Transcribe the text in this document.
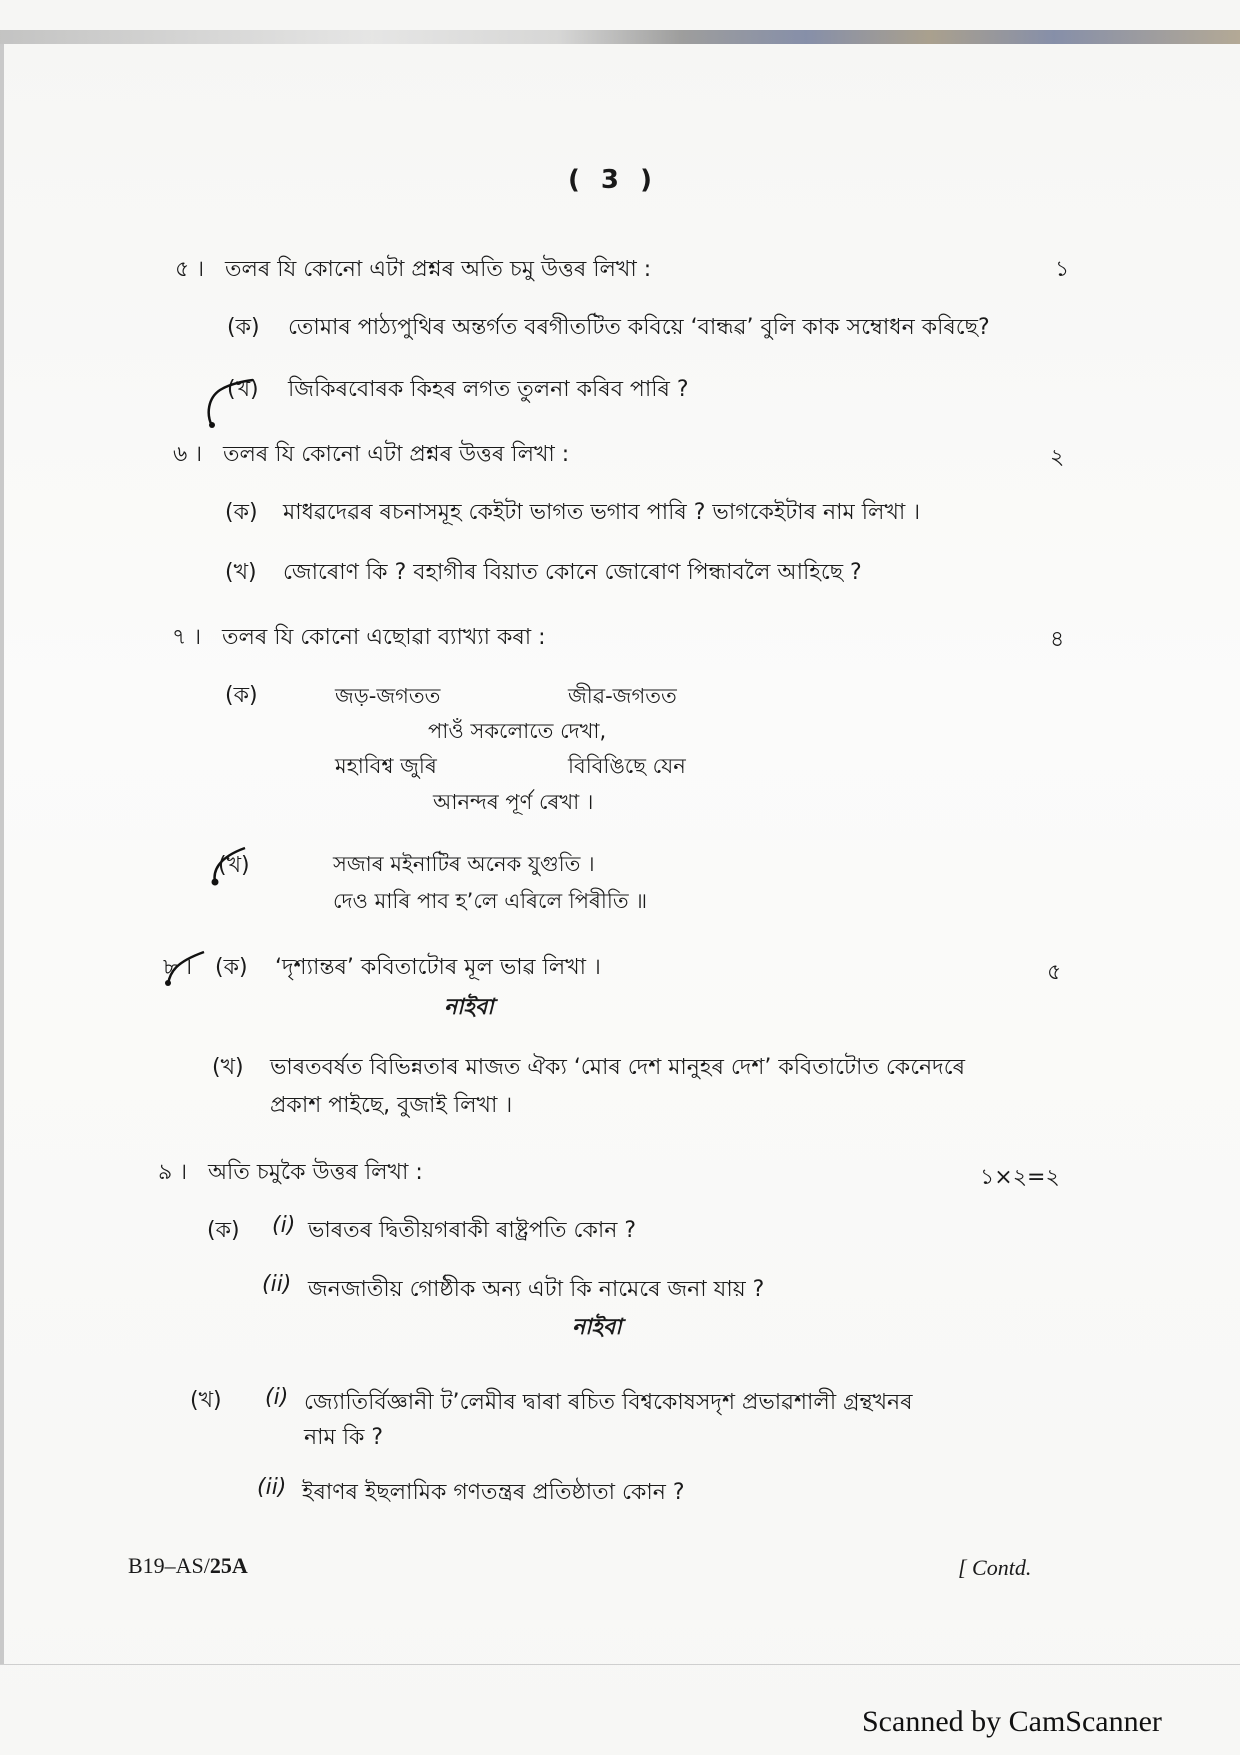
( 3 )
৫ । তলৰ যি কোনো এটা প্ৰশ্নৰ অতি চমু উত্তৰ লিখা :	১
(ক) তোমাৰ পাঠ্যপুথিৰ অন্তৰ্গত বৰগীতটিত কবিয়ে ‘বান্ধৱ’ বুলি কাক সম্বোধন কৰিছে?
(খ) জিকিৰবোৰক কিহৰ লগত তুলনা কৰিব পাৰি ?
৬ । তলৰ যি কোনো এটা প্ৰশ্নৰ উত্তৰ লিখা :	২
(ক) মাধৱদেৱৰ ৰচনাসমূহ কেইটা ভাগত ভগাব পাৰি ? ভাগকেইটাৰ নাম লিখা ।
(খ) জোৰোণ কি ? বহাগীৰ বিয়াত কোনে জোৰোণ পিন্ধাবলৈ আহিছে ?
৭ । তলৰ যি কোনো এছোৱা ব্যাখ্যা কৰা :	৪
(ক)	জড়-জগতত	জীৱ-জগতত
পাওঁ সকলোতে দেখা,
মহাবিশ্ব জুৰি	বিবিঙিছে যেন
আনন্দৰ পূৰ্ণ ৰেখা ।
(খ)	সজাৰ মইনাটিৰ অনেক যুগুতি ।
দেও মাৰি পাব হ’লে এৰিলে পিৰীতি ॥
৮ । (ক) ‘দৃশ্যান্তৰ’ কবিতাটোৰ মূল ভাৱ লিখা ।	৫
নাইবা
(খ) ভাৰতবৰ্ষত বিভিন্নতাৰ মাজত ঐক্য ‘মোৰ দেশ মানুহৰ দেশ’ কবিতাটোত কেনেদৰে
প্ৰকাশ পাইছে, বুজাই লিখা ।
৯ । অতি চমুকৈ উত্তৰ লিখা :	১×২=২
(ক) (i) ভাৰতৰ দ্বিতীয়গৰাকী ৰাষ্ট্ৰপতি কোন ?
(ii) জনজাতীয় গোষ্ঠীক অন্য এটা কি নামেৰে জনা যায় ?
নাইবা
(খ) (i) জ্যোতিৰ্বিজ্ঞানী ট’লেমীৰ দ্বাৰা ৰচিত বিশ্বকোষসদৃশ প্ৰভাৱশালী গ্ৰন্থখনৰ
নাম কি ?
(ii) ইৰাণৰ ইছলামিক গণতন্ত্ৰৰ প্ৰতিষ্ঠাতা কোন ?
B19–AS/25A	[ Contd.
Scanned by CamScanner
